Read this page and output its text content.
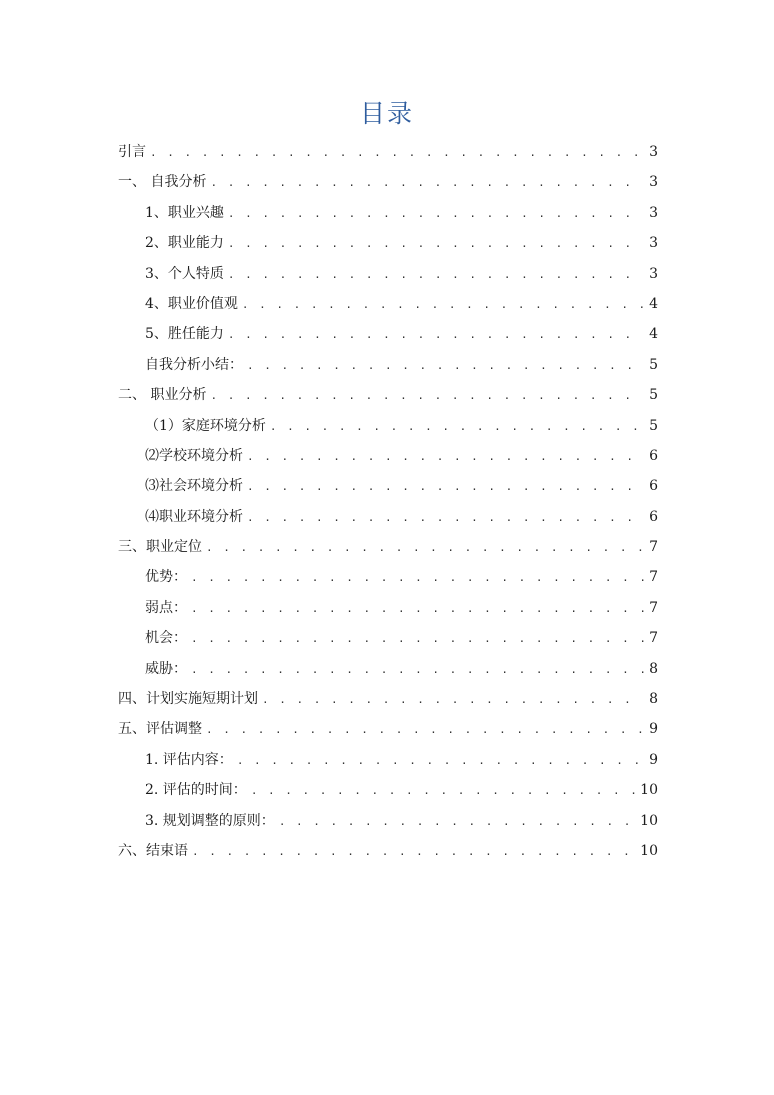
目录
引言 . . .	3
一、 自我分析 . . .	3
1、职业兴趣 . . .	3
2、职业能力 . . .	3
3、个人特质 . . .	3
4、职业价值观 . . .	4
5、胜任能力 . . .	4
自我分析小结： . . .	5
二、 职业分析 . . .	5
（1）家庭环境分析 . . .	5
⑵学校环境分析 . . .	6
⑶社会环境分析 . . .	6
⑷职业环境分析 . . .	6
三、职业定位 . . .	7
优势： . . .	7
弱点： . . .	7
机会： . . .	7
威胁： . . .	8
四、计划实施短期计划 . . .	8
五、评估调整 . . .	9
1. 评估内容： . . .	9
2. 评估的时间： . . .	10
3. 规划调整的原则： . . .	10
六、结束语 . . .	10
